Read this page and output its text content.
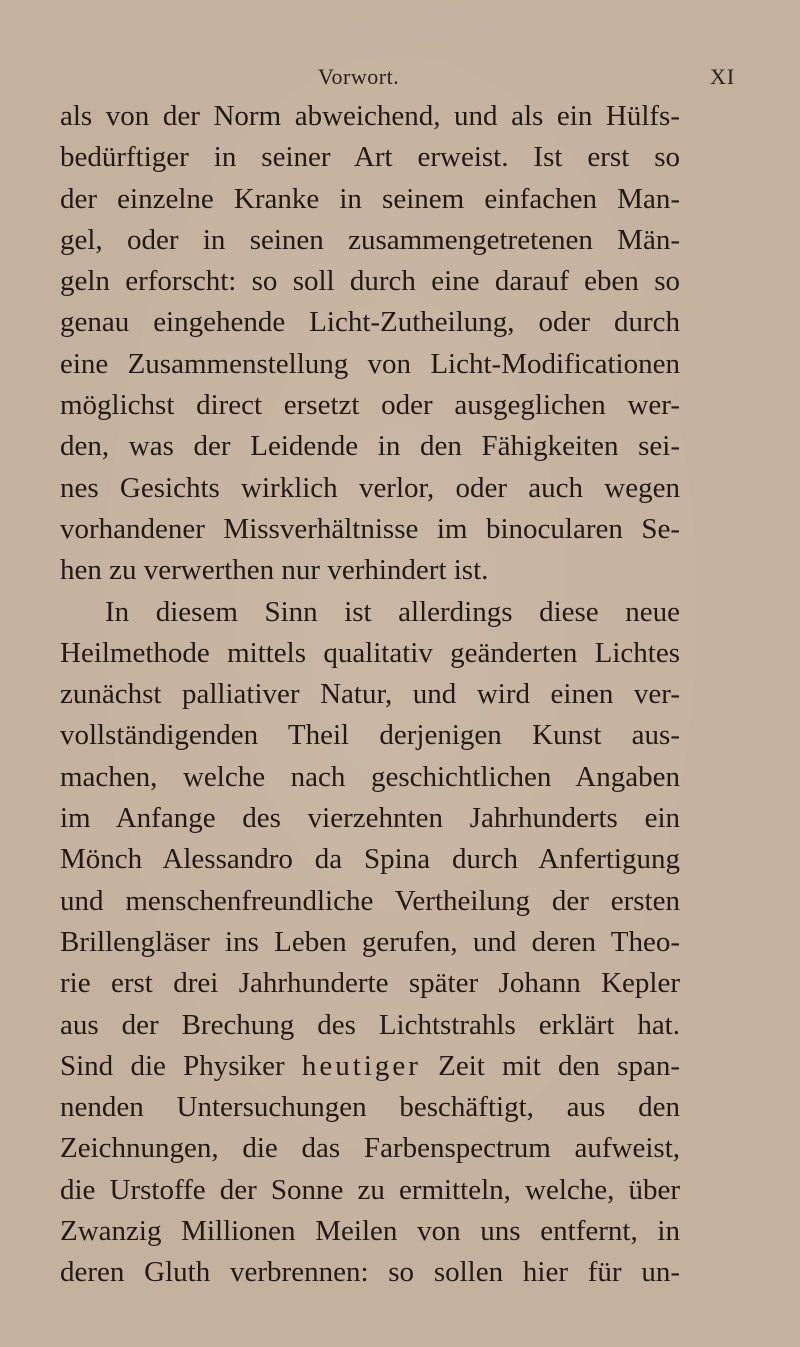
Vorwort.	XI
als von der Norm abweichend, und als ein Hülfs-
bedürftiger in seiner Art erweist. Ist erst so
der einzelne Kranke in seinem einfachen Man-
gel, oder in seinen zusammengetretenen Män-
geln erforscht: so soll durch eine darauf eben so
genau eingehende Licht-Zutheilung, oder durch
eine Zusammenstellung von Licht-Modificationen
möglichst direct ersetzt oder ausgeglichen wer-
den, was der Leidende in den Fähigkeiten sei-
nes Gesichts wirklich verlor, oder auch wegen
vorhandener Missverhältnisse im binocularen Se-
hen zu verwerthen nur verhindert ist.
In diesem Sinn ist allerdings diese neue
Heilmethode mittels qualitativ geänderten Lichtes
zunächst palliativer Natur, und wird einen ver-
vollständigenden Theil derjenigen Kunst aus-
machen, welche nach geschichtlichen Angaben
im Anfange des vierzehnten Jahrhunderts ein
Mönch Alessandro da Spina durch Anfertigung
und menschenfreundliche Vertheilung der ersten
Brillengläser ins Leben gerufen, und deren Theo-
rie erst drei Jahrhunderte später Johann Kepler
aus der Brechung des Lichtstrahls erklärt hat.
Sind die Physiker heutiger Zeit mit den span-
nenden Untersuchungen beschäftigt, aus den
Zeichnungen, die das Farbenspectrum aufweist,
die Urstoffe der Sonne zu ermitteln, welche, über
Zwanzig Millionen Meilen von uns entfernt, in
deren Gluth verbrennen: so sollen hier für un-
